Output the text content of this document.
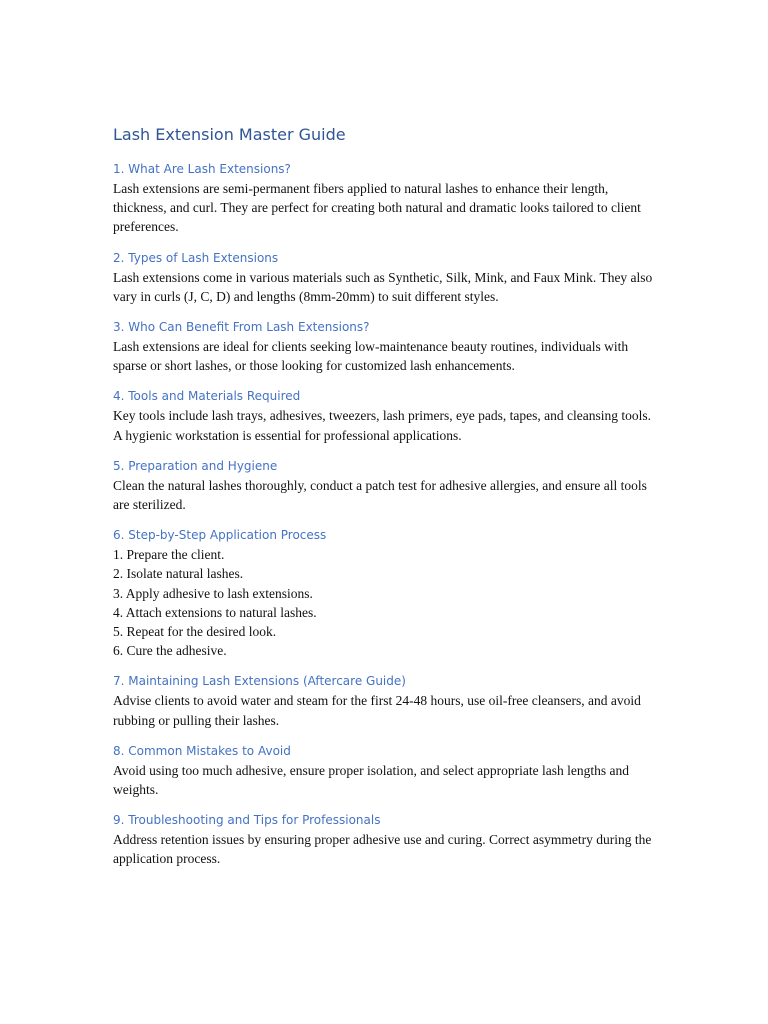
Lash Extension Master Guide
1. What Are Lash Extensions?

Lash extensions are semi-permanent fibers applied to natural lashes to enhance their length, thickness, and curl. They are perfect for creating both natural and dramatic looks tailored to client preferences.

2. Types of Lash Extensions

Lash extensions come in various materials such as Synthetic, Silk, Mink, and Faux Mink. They also vary in curls (J, C, D) and lengths (8mm-20mm) to suit different styles.

3. Who Can Benefit From Lash Extensions?

Lash extensions are ideal for clients seeking low-maintenance beauty routines, individuals with sparse or short lashes, or those looking for customized lash enhancements.

4. Tools and Materials Required

Key tools include lash trays, adhesives, tweezers, lash primers, eye pads, tapes, and cleansing tools. A hygienic workstation is essential for professional applications.

5. Preparation and Hygiene

Clean the natural lashes thoroughly, conduct a patch test for adhesive allergies, and ensure all tools are sterilized.

6. Step-by-Step Application Process
1. Prepare the client.
2. Isolate natural lashes.
3. Apply adhesive to lash extensions.
4. Attach extensions to natural lashes.
5. Repeat for the desired look.
6. Cure the adhesive.
7. Maintaining Lash Extensions (Aftercare Guide)

Advise clients to avoid water and steam for the first 24-48 hours, use oil-free cleansers, and avoid rubbing or pulling their lashes.

8. Common Mistakes to Avoid

Avoid using too much adhesive, ensure proper isolation, and select appropriate lash lengths and weights.

9. Troubleshooting and Tips for Professionals

Address retention issues by ensuring proper adhesive use and curing. Correct asymmetry during the application process.
